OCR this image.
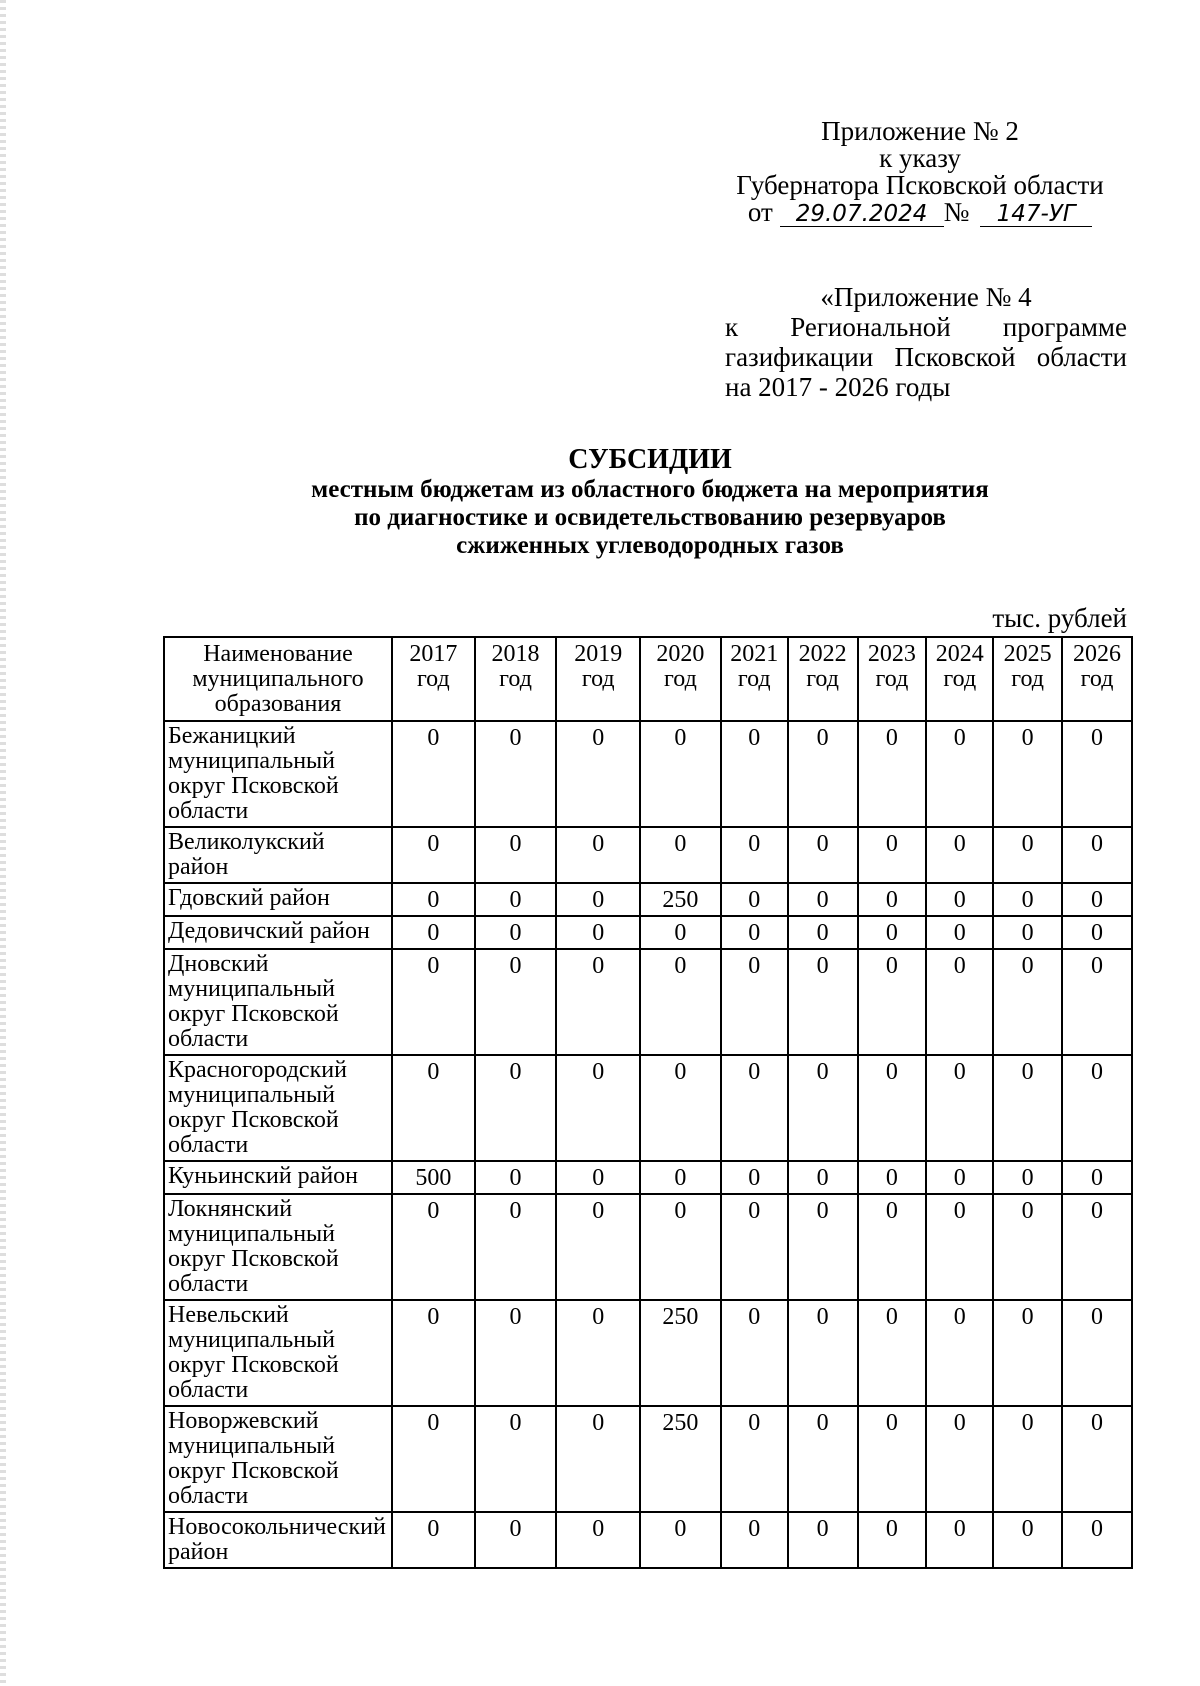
Приложение № 2
к указу
Губернатора Псковской области
от 29.07.2024 № 147-УГ
«Приложение № 4
к Региональной программе
газификации Псковской области
на 2017 - 2026 годы
СУБСИДИИ
местным бюджетам из областного бюджета на мероприятия
по диагностике и освидетельствованию резервуаров
сжиженных углеводородных газов
тыс. рублей
Наименование муниципального образования	2017 год	2018 год	2019 год	2020 год	2021 год	2022 год	2023 год	2024 год	2025 год	2026 год
Бежаницкий муниципальный округ Псковской области	0	0	0	0	0	0	0	0	0	0
Великолукский район	0	0	0	0	0	0	0	0	0	0
Гдовский район	0	0	0	250	0	0	0	0	0	0
Дедовичский район	0	0	0	0	0	0	0	0	0	0
Дновский муниципальный округ Псковской области	0	0	0	0	0	0	0	0	0	0
Красногородский муниципальный округ Псковской области	0	0	0	0	0	0	0	0	0	0
Куньинский район	500	0	0	0	0	0	0	0	0	0
Локнянский муниципальный округ Псковской области	0	0	0	0	0	0	0	0	0	0
Невельский муниципальный округ Псковской области	0	0	0	250	0	0	0	0	0	0
Новоржевский муниципальный округ Псковской области	0	0	0	250	0	0	0	0	0	0
Новосокольнический район	0	0	0	0	0	0	0	0	0	0
